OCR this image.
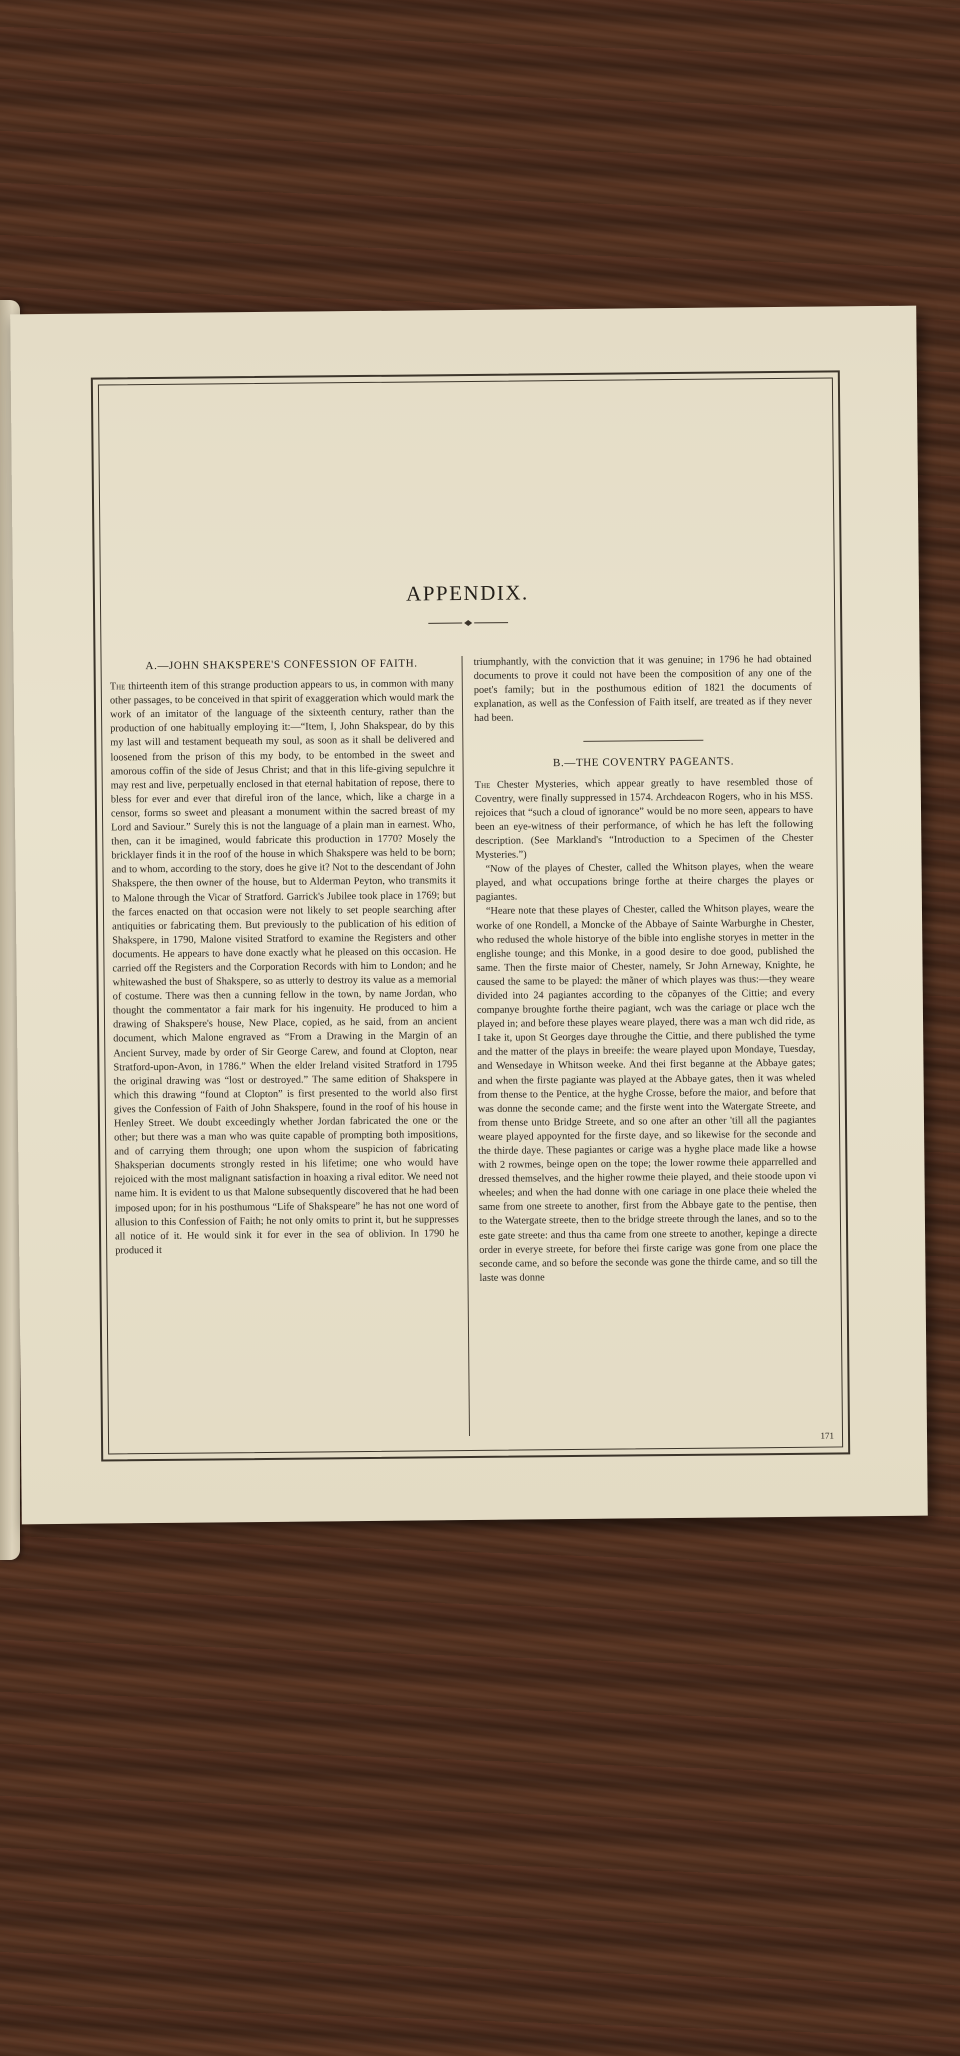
APPENDIX.
A.—JOHN SHAKSPERE'S CONFESSION OF FAITH.

The thirteenth item of this strange production appears to us, in common with many other passages, to be conceived in that spirit of exaggeration which would mark the work of an imitator of the language of the sixteenth century, rather than the production of one habitually employing it:—“Item, I, John Shakspear, do by this my last will and testament bequeath my soul, as soon as it shall be delivered and loosened from the prison of this my body, to be entombed in the sweet and amorous coffin of the side of Jesus Christ; and that in this life-giving sepulchre it may rest and live, perpetually enclosed in that eternal habitation of repose, there to bless for ever and ever that direful iron of the lance, which, like a charge in a censor, forms so sweet and pleasant a monument within the sacred breast of my Lord and Saviour.” Surely this is not the language of a plain man in earnest. Who, then, can it be imagined, would fabricate this production in 1770? Mosely the bricklayer finds it in the roof of the house in which Shakspere was held to be born; and to whom, according to the story, does he give it? Not to the descendant of John Shakspere, the then owner of the house, but to Alderman Peyton, who transmits it to Malone through the Vicar of Stratford. Garrick's Jubilee took place in 1769; but the farces enacted on that occasion were not likely to set people searching after antiquities or fabricating them. But previously to the publication of his edition of Shakspere, in 1790, Malone visited Stratford to examine the Registers and other documents. He appears to have done exactly what he pleased on this occasion. He carried off the Registers and the Corporation Records with him to London; and he whitewashed the bust of Shakspere, so as utterly to destroy its value as a memorial of costume. There was then a cunning fellow in the town, by name Jordan, who thought the commentator a fair mark for his ingenuity. He produced to him a drawing of Shakspere's house, New Place, copied, as he said, from an ancient document, which Malone engraved as “From a Drawing in the Margin of an Ancient Survey, made by order of Sir George Carew, and found at Clopton, near Stratford-upon-Avon, in 1786.” When the elder Ireland visited Stratford in 1795 the original drawing was “lost or destroyed.” The same edition of Shakspere in which this drawing “found at Clopton” is first presented to the world also first gives the Confession of Faith of John Shakspere, found in the roof of his house in Henley Street. We doubt exceedingly whether Jordan fabricated the one or the other; but there was a man who was quite capable of prompting both impositions, and of carrying them through; one upon whom the suspicion of fabricating Shaksperian documents strongly rested in his lifetime; one who would have rejoiced with the most malignant satisfaction in hoaxing a rival editor. We need not name him. It is evident to us that Malone subsequently discovered that he had been imposed upon; for in his posthumous “Life of Shakspeare” he has not one word of allusion to this Confession of Faith; he not only omits to print it, but he suppresses all notice of it. He would sink it for ever in the sea of oblivion. In 1790 he produced it

triumphantly, with the conviction that it was genuine; in 1796 he had obtained documents to prove it could not have been the composition of any one of the poet's family; but in the posthumous edition of 1821 the documents of explanation, as well as the Confession of Faith itself, are treated as if they never had been.

B.—THE COVENTRY PAGEANTS.

The Chester Mysteries, which appear greatly to have resembled those of Coventry, were finally suppressed in 1574. Archdeacon Rogers, who in his MSS. rejoices that “such a cloud of ignorance” would be no more seen, appears to have been an eye-witness of their performance, of which he has left the following description. (See Markland's “Introduction to a Specimen of the Chester Mysteries.”)

“Now of the playes of Chester, called the Whitson playes, when the weare played, and what occupations bringe forthe at theire charges the playes or pagiantes.

“Heare note that these playes of Chester, called the Whitson playes, weare the worke of one Rondell, a Moncke of the Abbaye of Sainte Warburghe in Chester, who redused the whole historye of the bible into englishe storyes in metter in the englishe tounge; and this Monke, in a good desire to doe good, published the same. Then the firste maior of Chester, namely, Sr John Arneway, Knighte, he caused the same to be played: the mãner of which playes was thus:—they weare divided into 24 pagiantes according to the cõpanyes of the Cittie; and every companye broughte forthe theire pagiant, wch was the cariage or place wch the played in; and before these playes weare played, there was a man wch did ride, as I take it, upon St Georges daye throughe the Cittie, and there published the tyme and the matter of the plays in breeife: the weare played upon Mondaye, Tuesday, and Wensedaye in Whitson weeke. And thei first beganne at the Abbaye gates; and when the firste pagiante was played at the Abbaye gates, then it was wheled from thense to the Pentice, at the hyghe Crosse, before the maior, and before that was donne the seconde came; and the firste went into the Watergate Streete, and from thense unto Bridge Streete, and so one after an other 'till all the pagiantes weare played appoynted for the firste daye, and so likewise for the seconde and the thirde daye. These pagiantes or carige was a hyghe place made like a howse with 2 rowmes, beinge open on the tope; the lower rowme theie apparrelled and dressed themselves, and the higher rowme theie played, and theie stoode upon vi wheeles; and when the had donne with one cariage in one place theie wheled the same from one streete to another, first from the Abbaye gate to the pentise, then to the Watergate streete, then to the bridge streete through the lanes, and so to the este gate streete: and thus tha came from one streete to another, kepinge a directe order in everye streete, for before thei firste carige was gone from one place the seconde came, and so before the seconde was gone the thirde came, and so till the laste was donne

171
